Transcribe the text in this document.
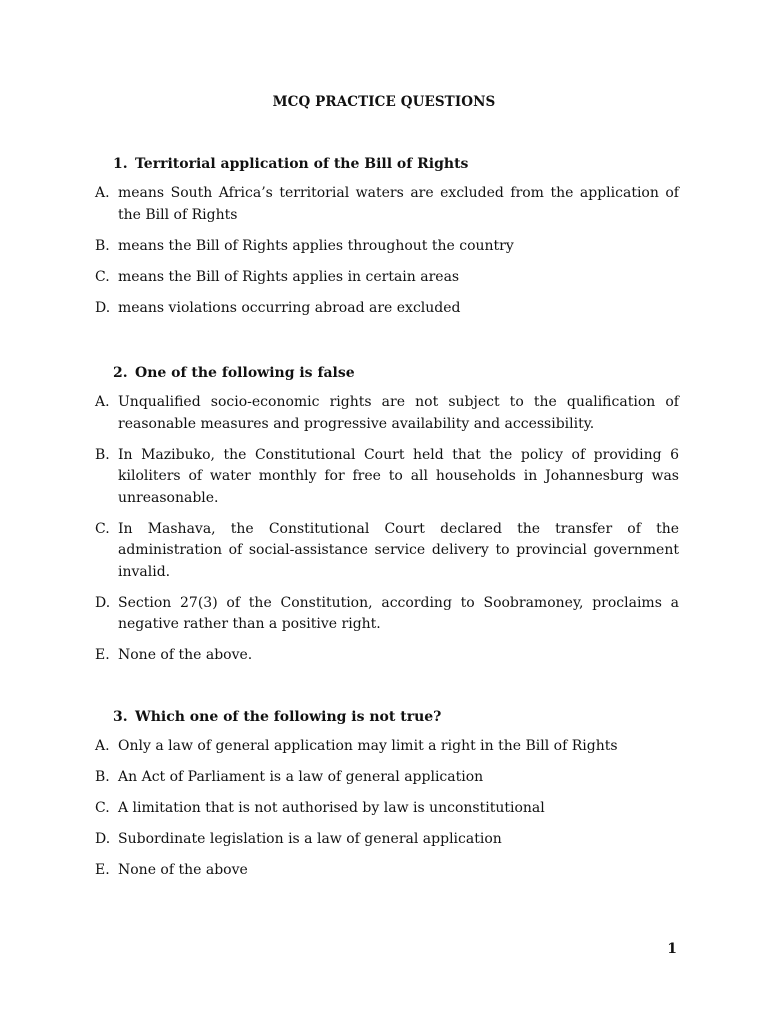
MCQ PRACTICE QUESTIONS
1. Territorial application of the Bill of Rights
A. means South Africa’s territorial waters are excluded from the application of the Bill of Rights
B. means the Bill of Rights applies throughout the country
C. means the Bill of Rights applies in certain areas
D. means violations occurring abroad are excluded
2. One of the following is false
A. Unqualified socio-economic rights are not subject to the qualification of reasonable measures and progressive availability and accessibility.
B. In Mazibuko, the Constitutional Court held that the policy of providing 6 kiloliters of water monthly for free to all households in Johannesburg was unreasonable.
C. In Mashava, the Constitutional Court declared the transfer of the administration of social-assistance service delivery to provincial government invalid.
D. Section 27(3) of the Constitution, according to Soobramoney, proclaims a negative rather than a positive right.
E. None of the above.
3. Which one of the following is not true?
A. Only a law of general application may limit a right in the Bill of Rights
B. An Act of Parliament is a law of general application
C. A limitation that is not authorised by law is unconstitutional
D. Subordinate legislation is a law of general application
E. None of the above
1
